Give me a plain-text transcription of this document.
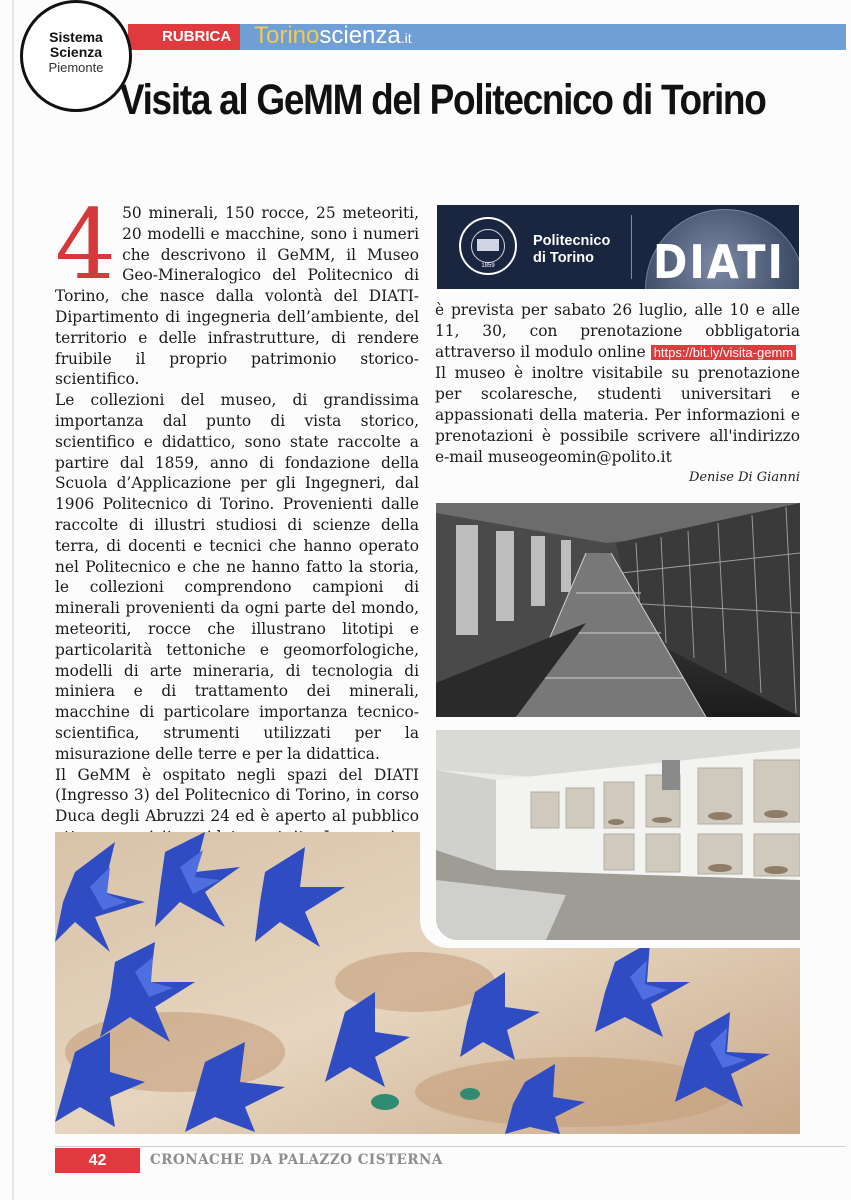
Sistema
Scienza
Piemonte
RUBRICA Torinoscienza.it
Visita al GeMM del Politecnico di Torino

4 50 minerali, 150 rocce, 25 meteoriti, 20 modelli e macchine, sono i numeri che descrivono il GeMM, il Museo Geo-Mineralogico del Politecnico di Torino, che nasce dalla volontà del DIATI-Dipartimento di ingegneria dell’ambiente, del territorio e delle infrastrutture, di rendere fruibile il proprio patrimonio storico-scientifico.

Le collezioni del museo, di grandissima importanza dal punto di vista storico, scientifico e didattico, sono state raccolte a partire dal 1859, anno di fondazione della Scuola d’Applicazione per gli Ingegneri, dal 1906 Politecnico di Torino. Provenienti dalle raccolte di illustri studiosi di scienze della terra, di docenti e tecnici che hanno operato nel Politecnico e che ne hanno fatto la storia, le collezioni comprendono campioni di minerali provenienti da ogni parte del mondo, meteoriti, rocce che illustrano litotipi e particolarità tettoniche e geomorfologiche, modelli di arte mineraria, di tecnologia di miniera e di trattamento dei minerali, macchine di particolare importanza tecnico-scientifica, strumenti utilizzati per la misurazione delle terre e per la didattica.

Il GeMM è ospitato negli spazi del DIATI (Ingresso 3) del Politecnico di Torino, in corso Duca degli Abruzzi 24 ed è aperto al pubblico

1859
Politecnico
di Torino	DIATI

è prevista per sabato 26 luglio, alle 10 e alle 11, 30, con prenotazione obbligatoria attraverso il modulo online https://bit.ly/visita-gemm

Il museo è inoltre visitabile su prenotazione per scolaresche, studenti universitari e appassionati della materia. Per informazioni e prenotazioni è possibile scrivere all'indirizzo e-mail museogeomin@polito.it

Denise Di Gianni
42	CRONACHE DA PALAZZO CISTERNA
